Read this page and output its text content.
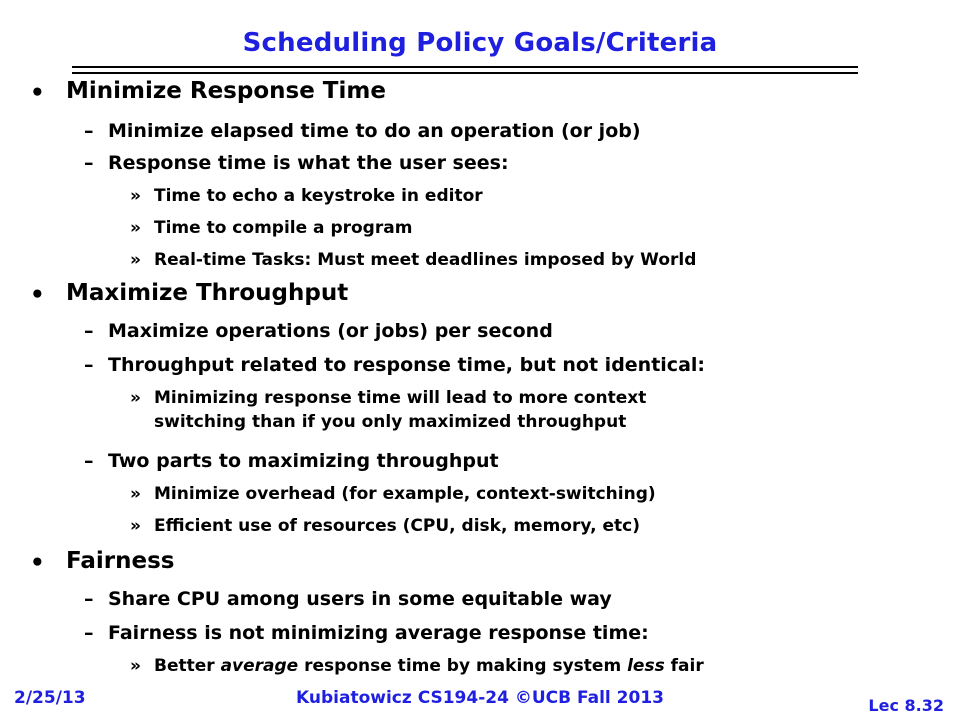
Scheduling Policy Goals/Criteria
• Minimize Response Time
– Minimize elapsed time to do an operation (or job)
– Response time is what the user sees:
» Time to echo a keystroke in editor
» Time to compile a program
» Real-time Tasks: Must meet deadlines imposed by World
• Maximize Throughput
– Maximize operations (or jobs) per second
– Throughput related to response time, but not identical:
» Minimizing response time will lead to more context
switching than if you only maximized throughput
– Two parts to maximizing throughput
» Minimize overhead (for example, context-switching)
» Efficient use of resources (CPU, disk, memory, etc)
• Fairness
– Share CPU among users in some equitable way
– Fairness is not minimizing average response time:
» Better average response time by making system less fair
2/25/13	Kubiatowicz CS194-24 ©UCB Fall 2013	Lec 8.32
